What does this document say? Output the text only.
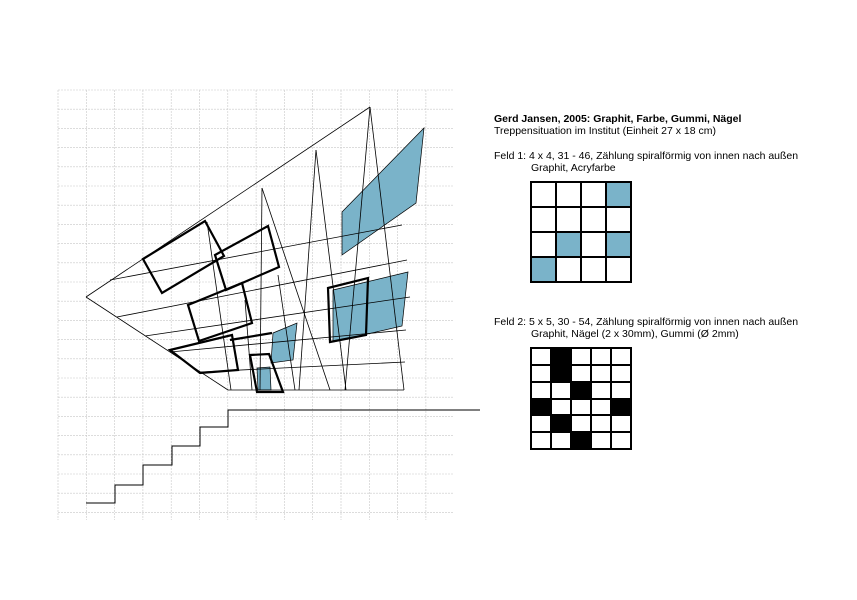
Gerd Jansen, 2005: Graphit, Farbe, Gummi, Nägel
Treppensituation im Institut (Einheit 27 x 18 cm)
Feld 1: 4 x 4, 31 - 46, Zählung spiralförmig von innen nach außen
Graphit, Acryfarbe
Feld 2: 5 x 5, 30 - 54, Zählung spiralförmig von innen nach außen
Graphit, Nägel (2 x 30mm), Gummi (Ø 2mm)
